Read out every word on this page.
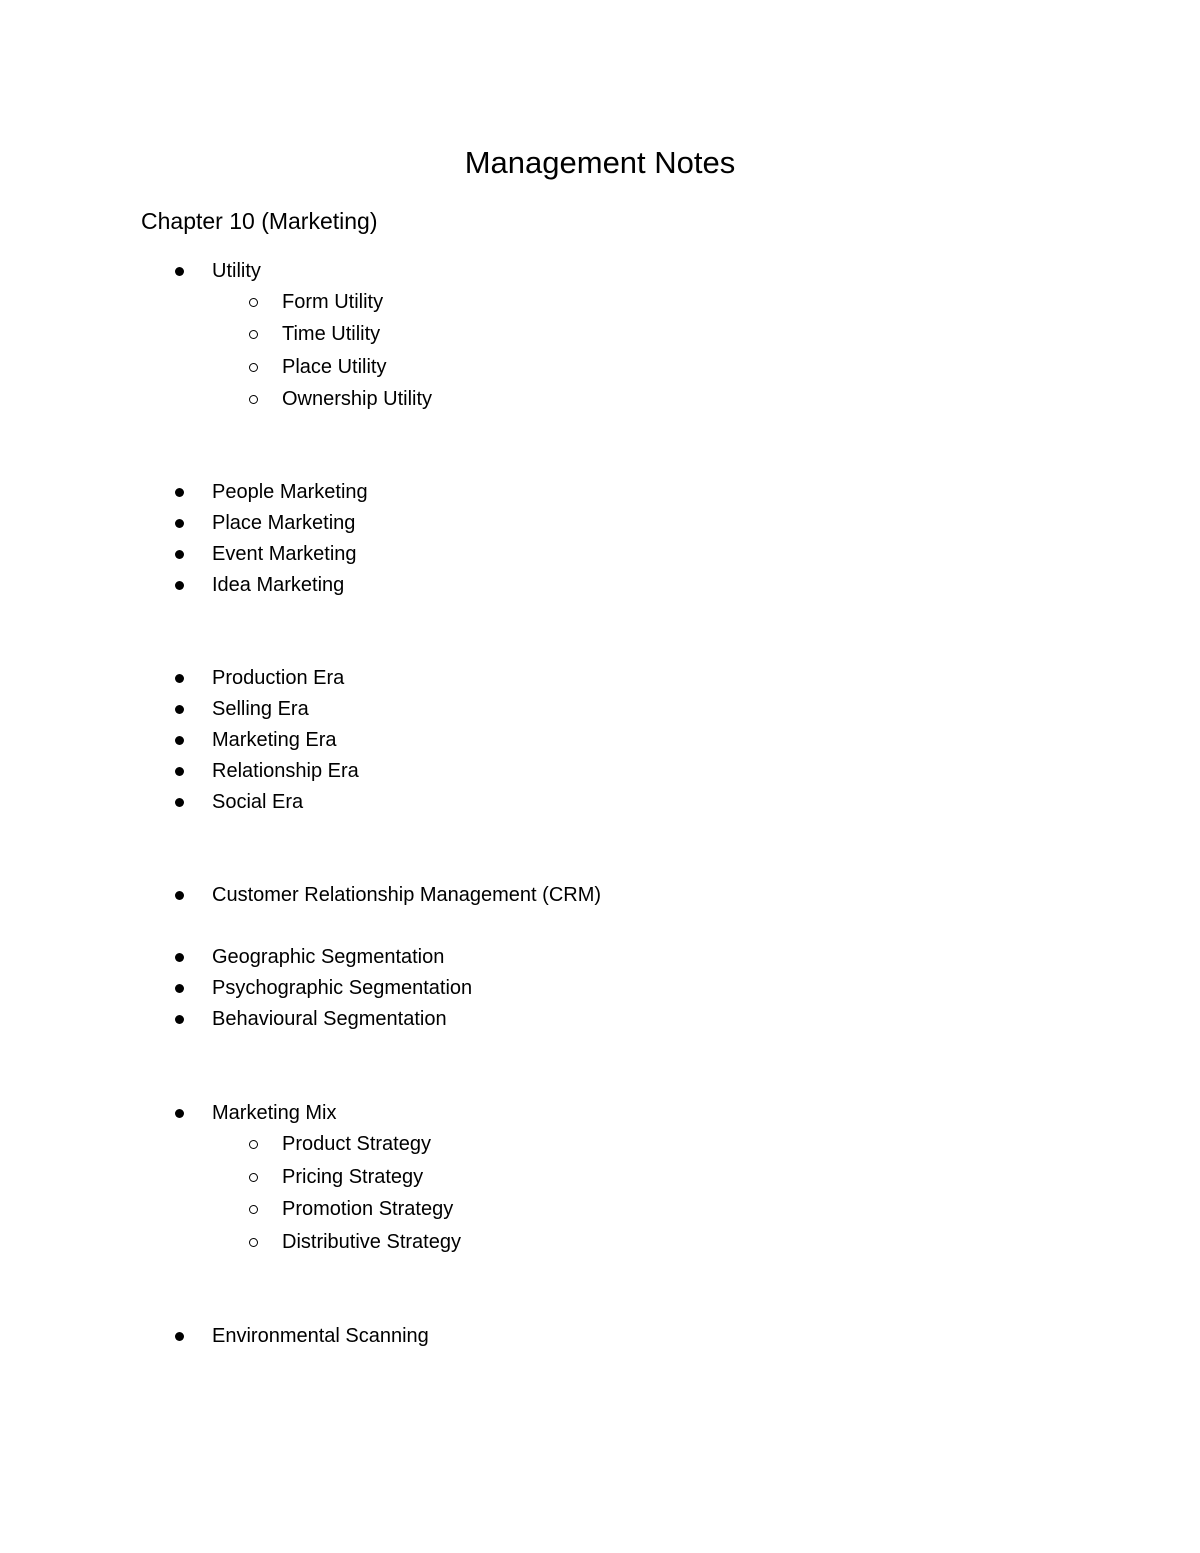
Management Notes
Chapter 10 (Marketing)
Utility
Form Utility
Time Utility
Place Utility
Ownership Utility
People Marketing
Place Marketing
Event Marketing
Idea Marketing
Production Era
Selling Era
Marketing Era
Relationship Era
Social Era
Customer Relationship Management (CRM)
Geographic Segmentation
Psychographic Segmentation
Behavioural Segmentation
Marketing Mix
Product Strategy
Pricing Strategy
Promotion Strategy
Distributive Strategy
Environmental Scanning
